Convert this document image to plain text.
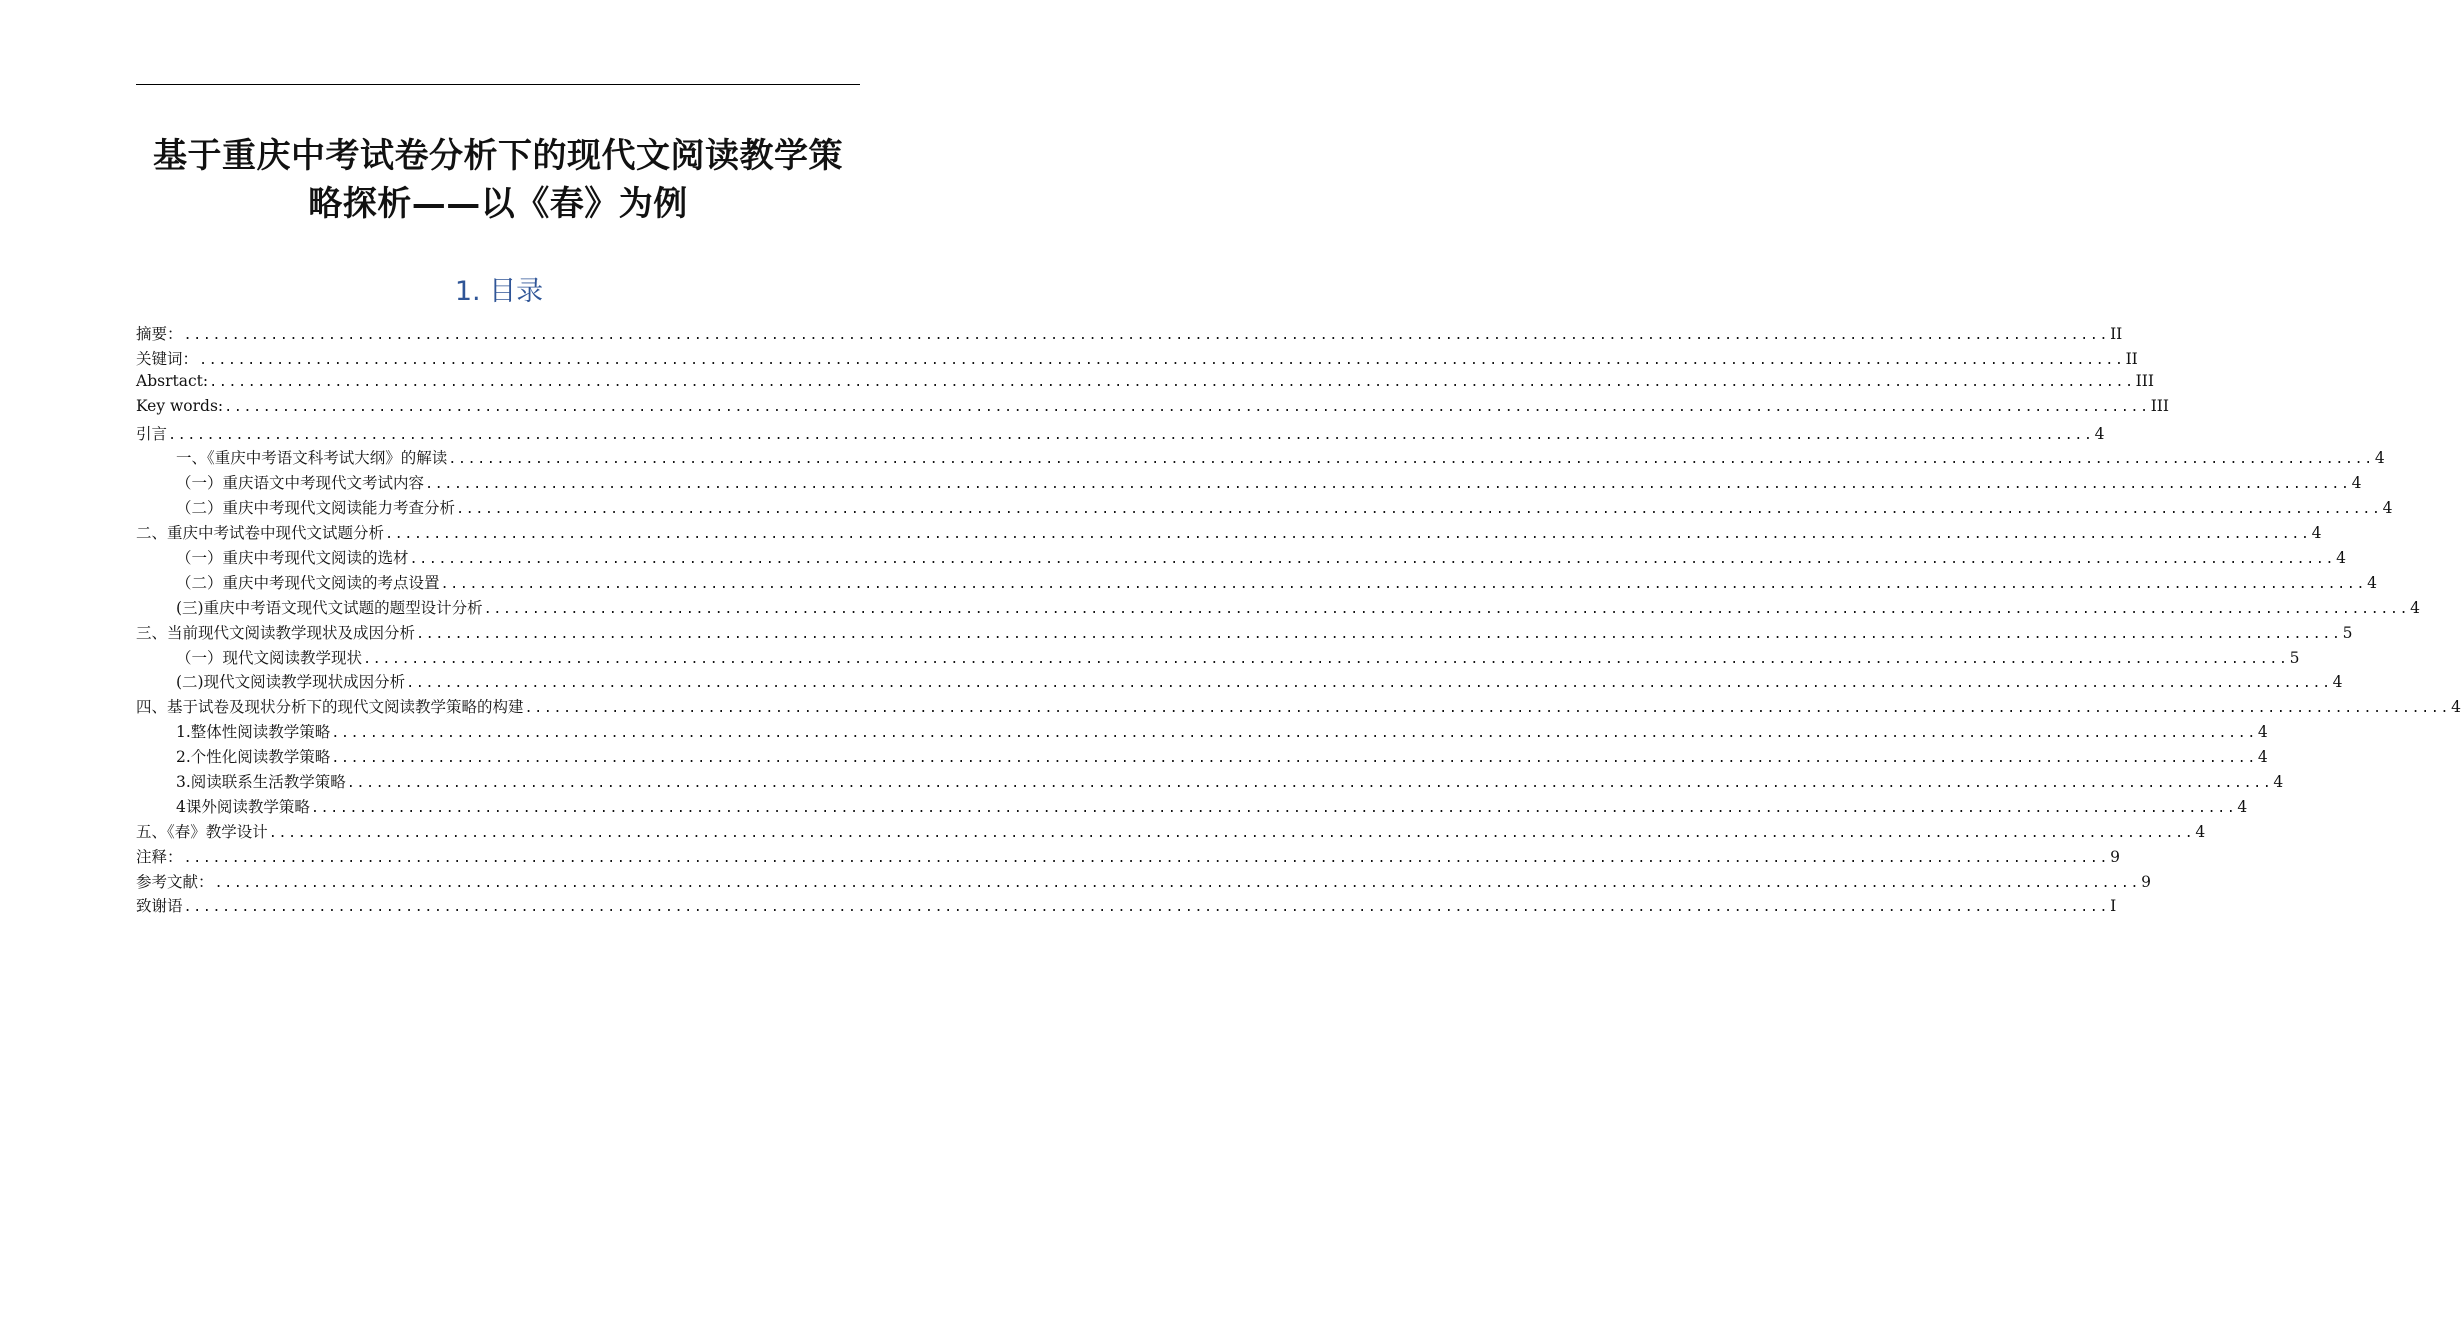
基于重庆中考试卷分析下的现代文阅读教学策
略探析——以《春》为例
1. 目录
摘要： ........................................................................................................................................................................................................ II
关键词： ........................................................................................................................................................................................................ II
Absrtact: ........................................................................................................................................................................................................ III
Key words: ........................................................................................................................................................................................................ III
引言 ........................................................................................................................................................................................................ 4
一、《重庆中考语文科考试大纲》的解读 ........................................................................................................................................................................................................ 4
（一）重庆语文中考现代文考试内容 ........................................................................................................................................................................................................ 4
（二）重庆中考现代文阅读能力考查分析 ........................................................................................................................................................................................................ 4
二、重庆中考试卷中现代文试题分析 ........................................................................................................................................................................................................ 4
（一）重庆中考现代文阅读的选材 ........................................................................................................................................................................................................ 4
（二）重庆中考现代文阅读的考点设置 ........................................................................................................................................................................................................ 4
(三)重庆中考语文现代文试题的题型设计分析 ........................................................................................................................................................................................................ 4
三、当前现代文阅读教学现状及成因分析 ........................................................................................................................................................................................................ 5
（一）现代文阅读教学现状 ........................................................................................................................................................................................................ 5
(二)现代文阅读教学现状成因分析 ........................................................................................................................................................................................................ 4
四、基于试卷及现状分析下的现代文阅读教学策略的构建 ........................................................................................................................................................................................................ 4
1.整体性阅读教学策略 ........................................................................................................................................................................................................ 4
2.个性化阅读教学策略 ........................................................................................................................................................................................................ 4
3.阅读联系生活教学策略 ........................................................................................................................................................................................................ 4
4课外阅读教学策略 ........................................................................................................................................................................................................ 4
五、《春》教学设计 ........................................................................................................................................................................................................ 4
注释： ........................................................................................................................................................................................................ 9
参考文献： ........................................................................................................................................................................................................ 9
致谢语 ........................................................................................................................................................................................................ I
